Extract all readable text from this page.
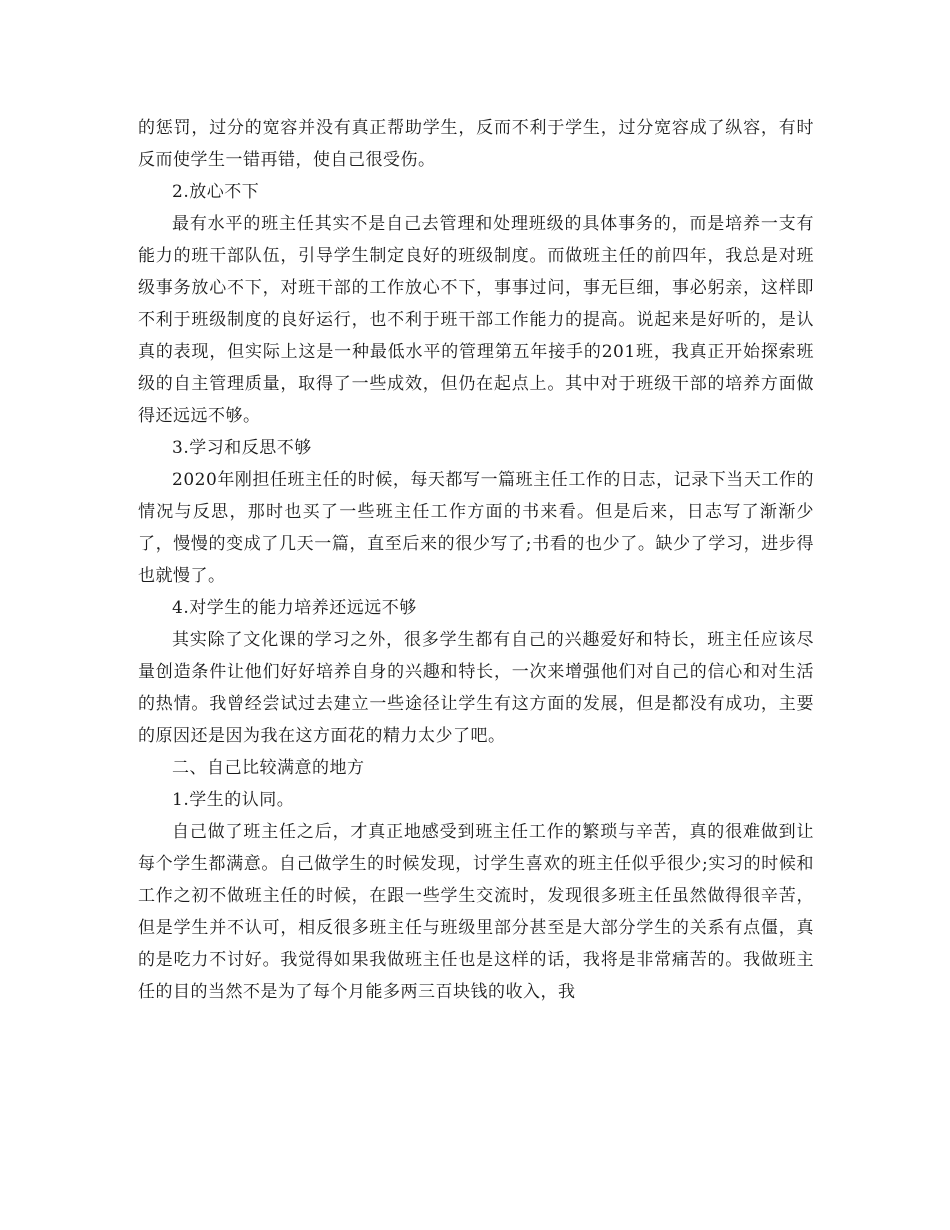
的惩罚，过分的宽容并没有真正帮助学生，反而不利于学生，过分宽容成了纵容，有时反而使学生一错再错，使自己很受伤。

2.放心不下

最有水平的班主任其实不是自己去管理和处理班级的具体事务的，而是培养一支有能力的班干部队伍，引导学生制定良好的班级制度。而做班主任的前四年，我总是对班级事务放心不下，对班干部的工作放心不下，事事过问，事无巨细，事必躬亲，这样即不利于班级制度的良好运行，也不利于班干部工作能力的提高。说起来是好听的，是认真的表现，但实际上这是一种最低水平的管理第五年接手的201班，我真正开始探索班级的自主管理质量，取得了一些成效，但仍在起点上。其中对于班级干部的培养方面做得还远远不够。

3.学习和反思不够

2020年刚担任班主任的时候，每天都写一篇班主任工作的日志，记录下当天工作的情况与反思，那时也买了一些班主任工作方面的书来看。但是后来，日志写了渐渐少了，慢慢的变成了几天一篇，直至后来的很少写了;书看的也少了。缺少了学习，进步得也就慢了。

4.对学生的能力培养还远远不够

其实除了文化课的学习之外，很多学生都有自己的兴趣爱好和特长，班主任应该尽量创造条件让他们好好培养自身的兴趣和特长，一次来增强他们对自己的信心和对生活的热情。我曾经尝试过去建立一些途径让学生有这方面的发展，但是都没有成功，主要的原因还是因为我在这方面花的精力太少了吧。

二、自己比较满意的地方

1.学生的认同。

自己做了班主任之后，才真正地感受到班主任工作的繁琐与辛苦，真的很难做到让每个学生都满意。自己做学生的时候发现，讨学生喜欢的班主任似乎很少;实习的时候和工作之初不做班主任的时候，在跟一些学生交流时，发现很多班主任虽然做得很辛苦，但是学生并不认可，相反很多班主任与班级里部分甚至是大部分学生的关系有点僵，真的是吃力不讨好。我觉得如果我做班主任也是这样的话，我将是非常痛苦的。我做班主任的目的当然不是为了每个月能多两三百块钱的收入，我
